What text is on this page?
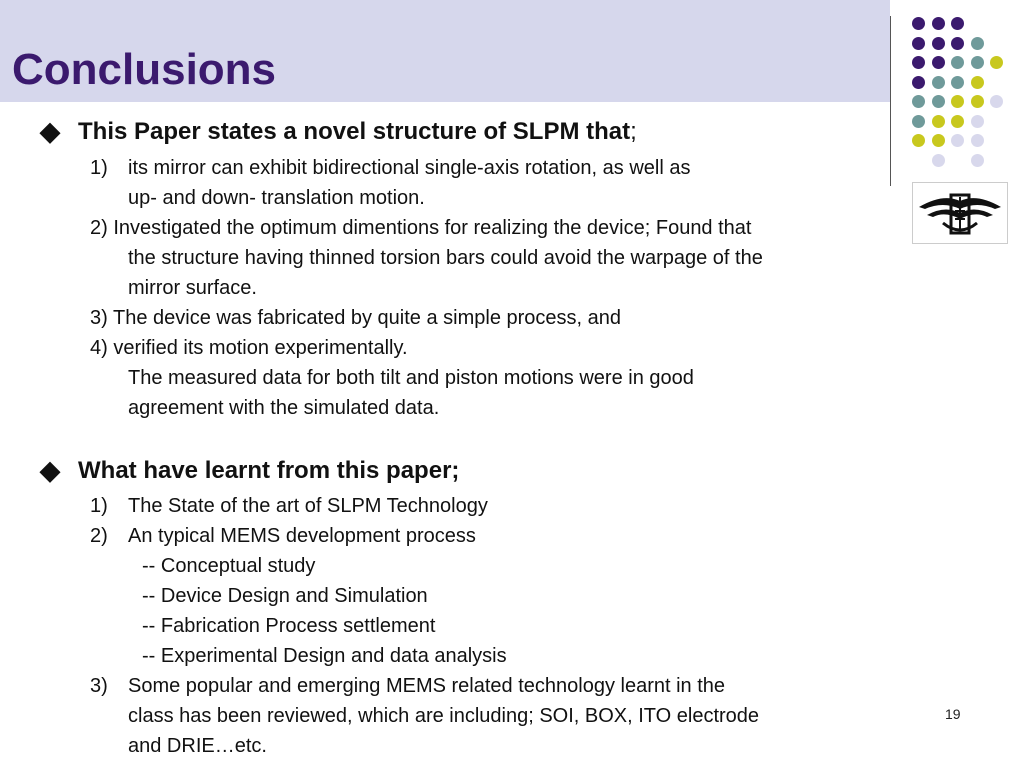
Conclusions
◆ This Paper states a novel structure of SLPM that;
1) its mirror can exhibit bidirectional single-axis rotation, as well as
up- and down- translation motion.
2) Investigated the optimum dimentions for realizing the device; Found that
the structure having thinned torsion bars could avoid the warpage of the
mirror surface.
3) The device was fabricated by quite a simple process, and
4) verified its motion experimentally.
The measured data for both tilt and piston motions were in good
agreement with the simulated data.
◆ What have learnt from this paper;
1) The State of the art of SLPM Technology
2) An typical MEMS development process
-- Conceptual study
-- Device Design and Simulation
-- Fabrication Process settlement
-- Experimental Design and data analysis
3) Some popular and emerging MEMS related technology learnt in the
class has been reviewed, which are including; SOI, BOX, ITO electrode
and DRIE…etc.
19
